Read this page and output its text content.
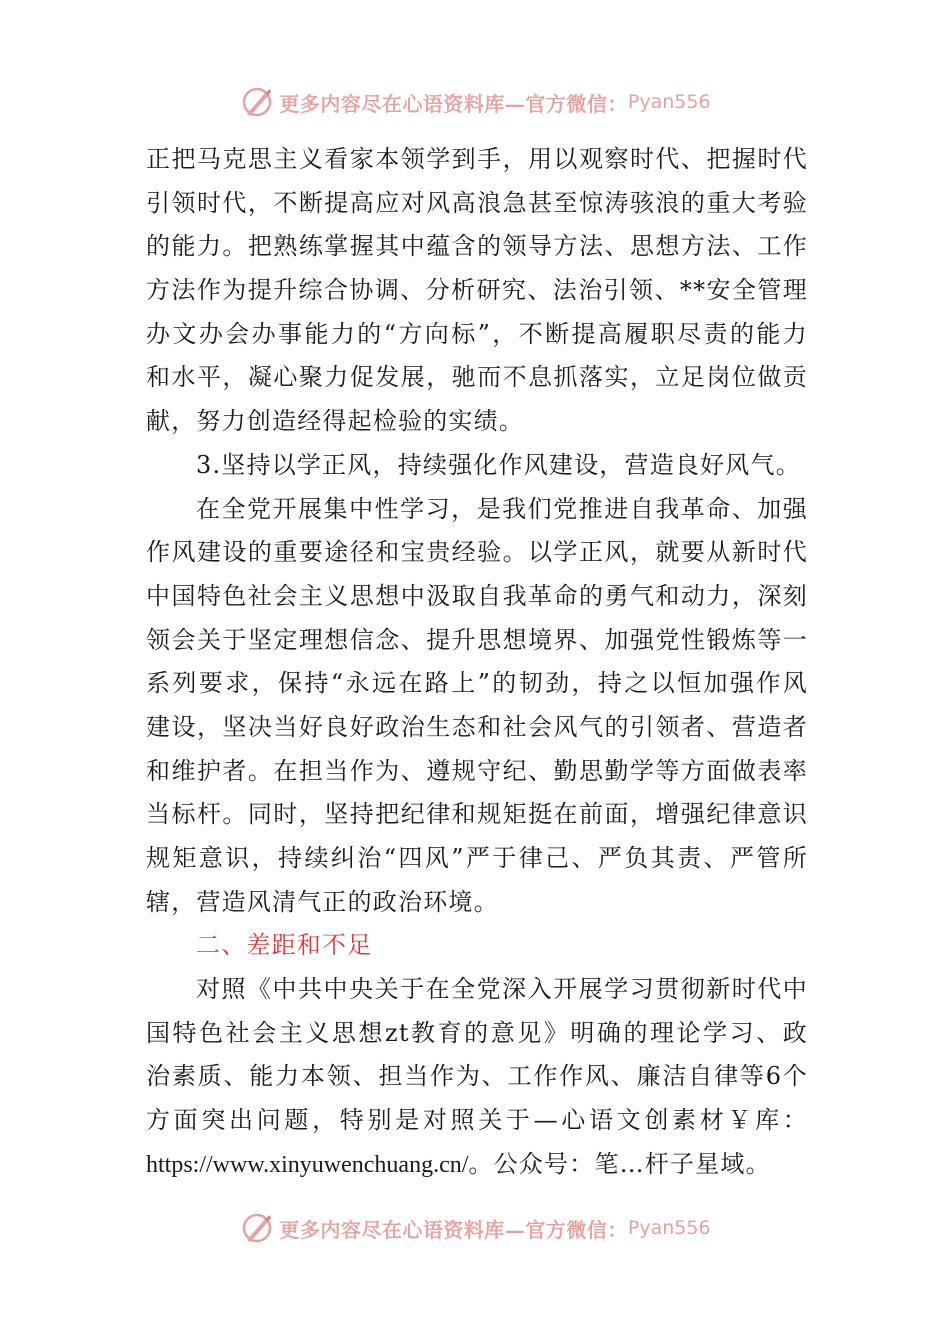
更多内容尽在心语资料库—官方微信： Pyan556
正把马克思主义看家本领学到手，用以观察时代、把握时代
引领时代，不断提高应对风高浪急甚至惊涛骇浪的重大考验
的能力。把熟练掌握其中蕴含的领导方法、思想方法、工作
方法作为提升综合协调、分析研究、法治引领、**安全管理
办文办会办事能力的“方向标”，不断提高履职尽责的能力
和水平，凝心聚力促发展，驰而不息抓落实，立足岗位做贡
献，努力创造经得起检验的实绩。
3.坚持以学正风，持续强化作风建设，营造良好风气。
在全党开展集中性学习，是我们党推进自我革命、加强
作风建设的重要途径和宝贵经验。以学正风，就要从新时代
中国特色社会主义思想中汲取自我革命的勇气和动力，深刻
领会关于坚定理想信念、提升思想境界、加强党性锻炼等一
系列要求，保持“永远在路上”的韧劲，持之以恒加强作风
建设，坚决当好良好政治生态和社会风气的引领者、营造者
和维护者。在担当作为、遵规守纪、勤思勤学等方面做表率
当标杆。同时，坚持把纪律和规矩挺在前面，增强纪律意识
规矩意识，持续纠治“四风”严于律己、严负其责、严管所
辖，营造风清气正的政治环境。
二、差距和不足
对照《中共中央关于在全党深入开展学习贯彻新时代中
国特色社会主义思想zt教育的意见》明确的理论学习、政
治素质、能力本领、担当作为、工作作风、廉洁自律等6个
方面突出问题，特别是对照关于—心语文创素材￥库：
https://www.xinyuwenchuang.cn/。公众号：笔…杆子星域。
更多内容尽在心语资料库—官方微信： Pyan556
